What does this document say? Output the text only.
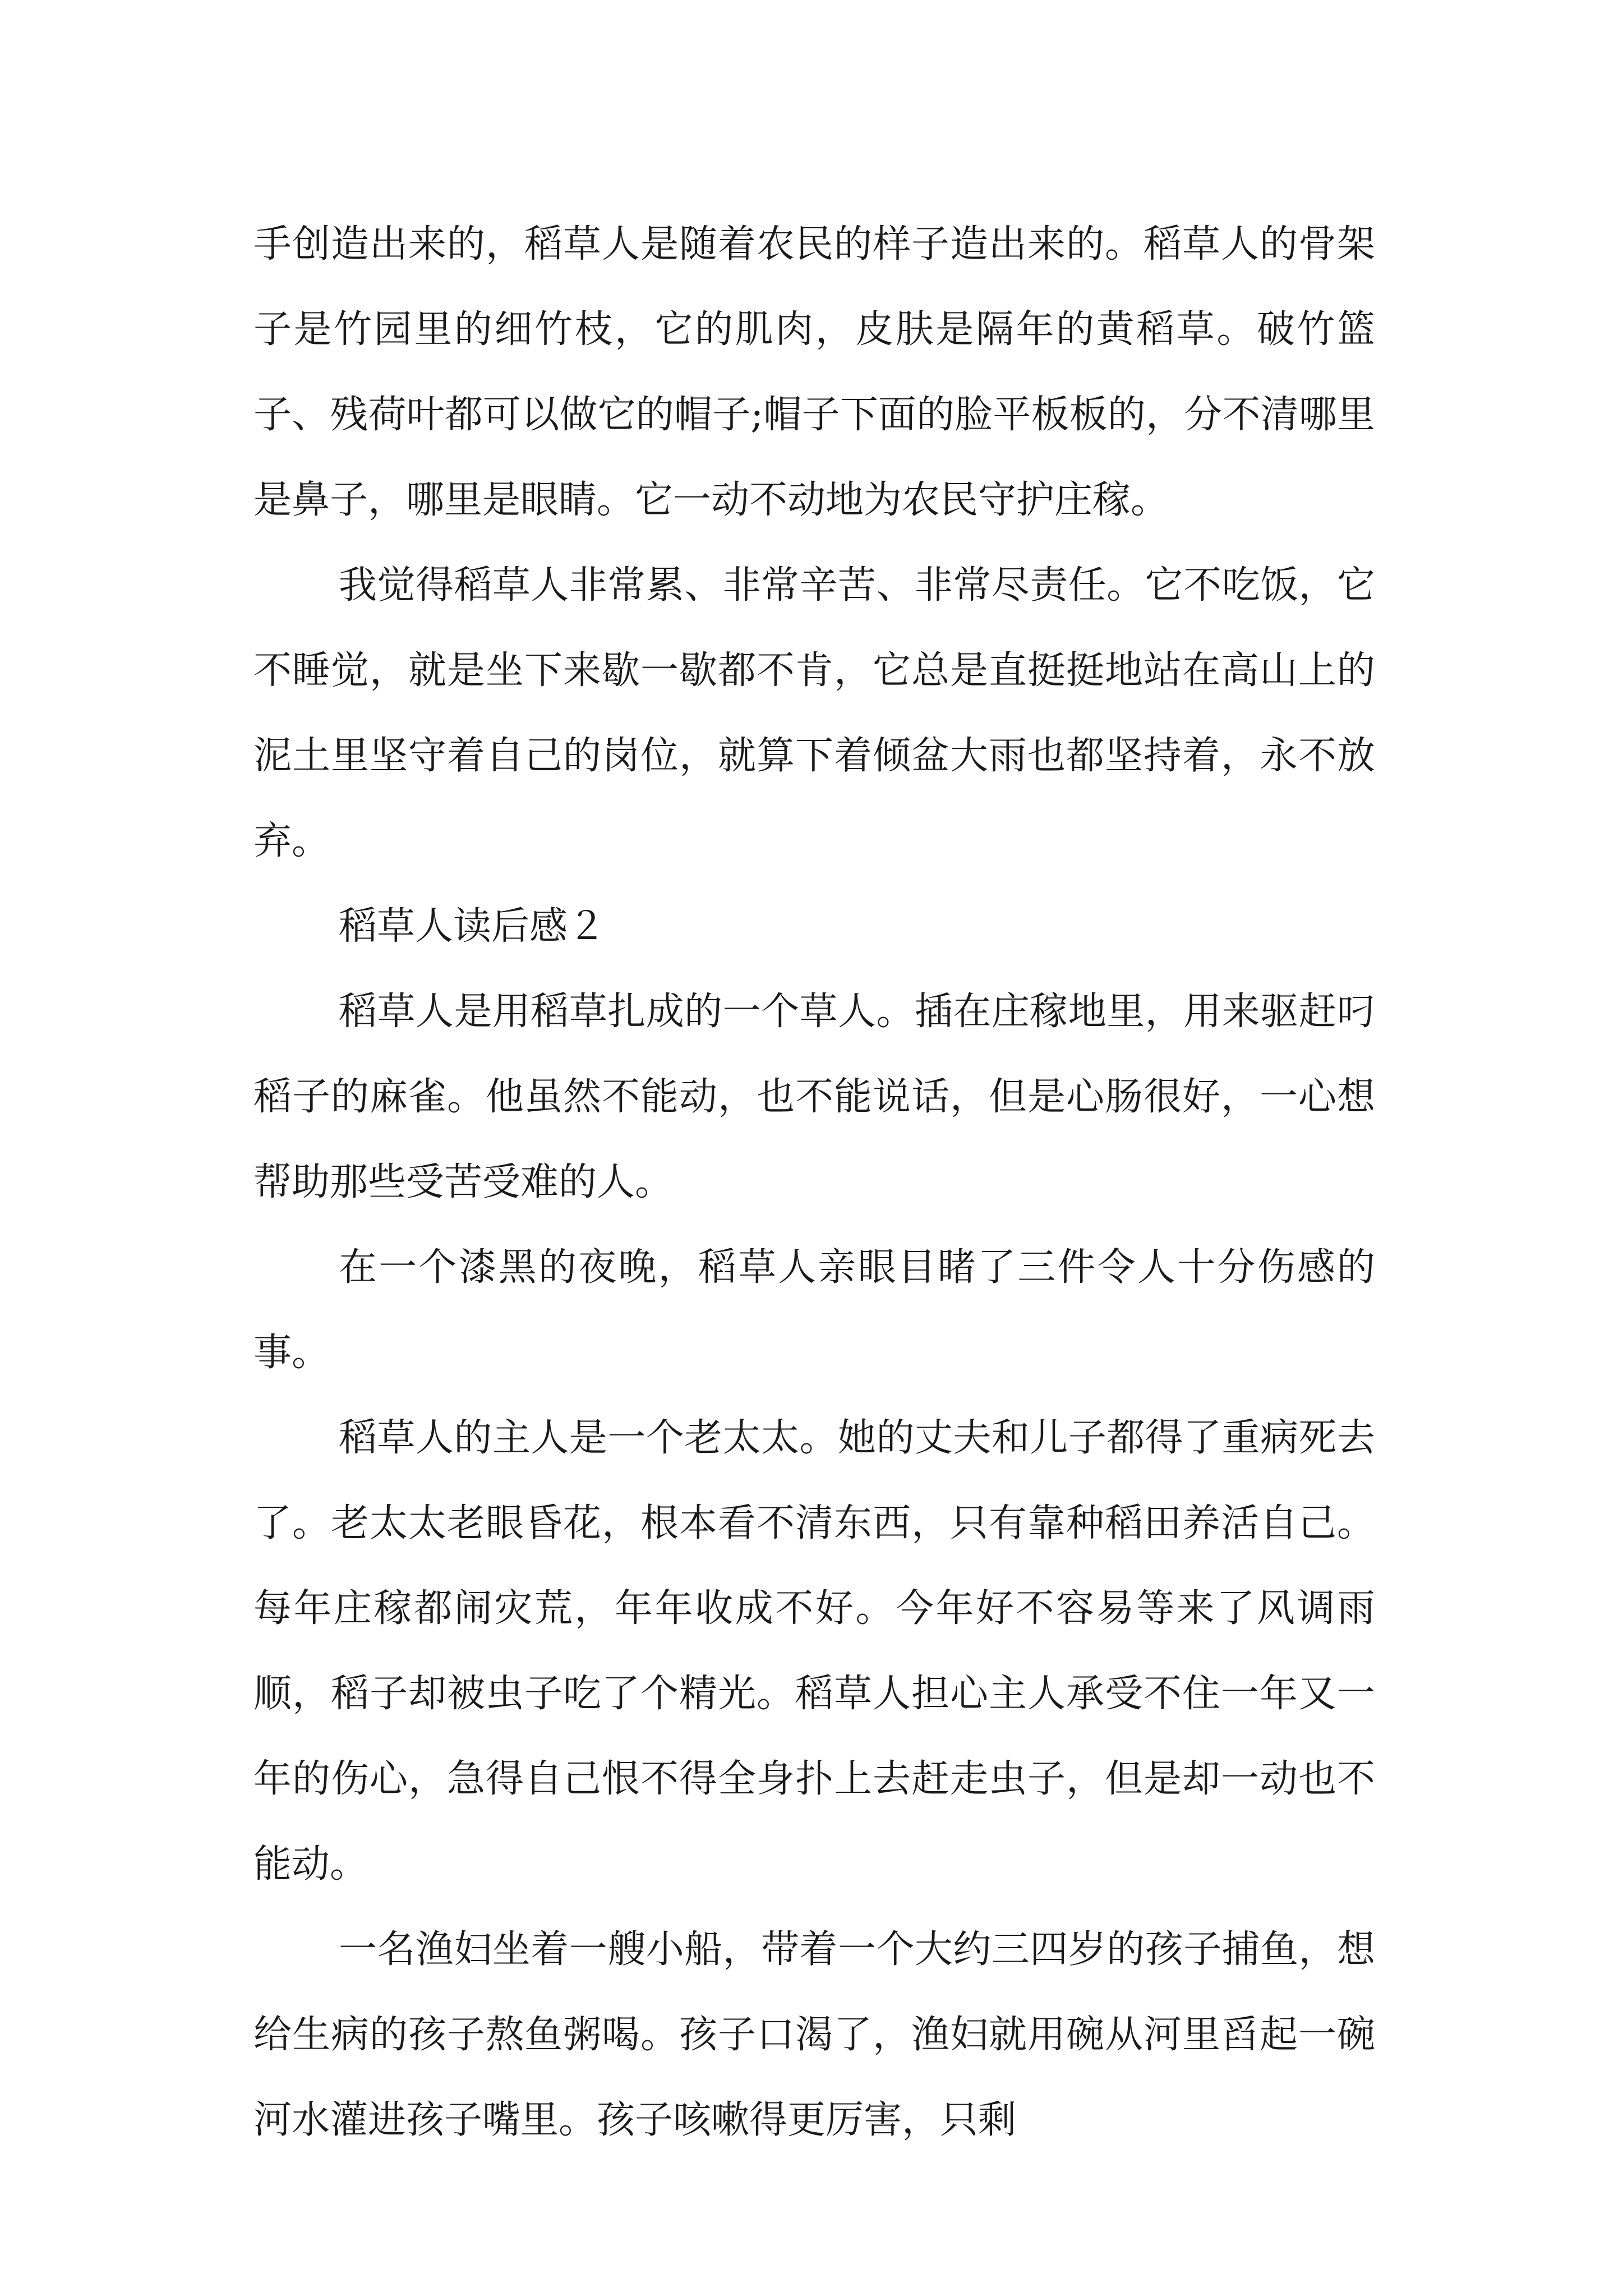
手创造出来的，稻草人是随着农民的样子造出来的。稻草人的骨架子是竹园里的细竹枝，它的肌肉，皮肤是隔年的黄稻草。破竹篮子、残荷叶都可以做它的帽子;帽子下面的脸平板板的，分不清哪里是鼻子，哪里是眼睛。它一动不动地为农民守护庄稼。

我觉得稻草人非常累、非常辛苦、非常尽责任。它不吃饭，它不睡觉，就是坐下来歇一歇都不肯，它总是直挺挺地站在高山上的泥土里坚守着自己的岗位，就算下着倾盆大雨也都坚持着，永不放弃。

稻草人读后感２

稻草人是用稻草扎成的一个草人。插在庄稼地里，用来驱赶叼稻子的麻雀。他虽然不能动，也不能说话，但是心肠很好，一心想帮助那些受苦受难的人。

在一个漆黑的夜晚，稻草人亲眼目睹了三件令人十分伤感的事。

稻草人的主人是一个老太太。她的丈夫和儿子都得了重病死去了。老太太老眼昏花，根本看不清东西，只有靠种稻田养活自己。每年庄稼都闹灾荒，年年收成不好。今年好不容易等来了风调雨顺，稻子却被虫子吃了个精光。稻草人担心主人承受不住一年又一年的伤心，急得自己恨不得全身扑上去赶走虫子，但是却一动也不能动。

一名渔妇坐着一艘小船，带着一个大约三四岁的孩子捕鱼，想给生病的孩子熬鱼粥喝。孩子口渴了，渔妇就用碗从河里舀起一碗河水灌进孩子嘴里。孩子咳嗽得更厉害，只剩
